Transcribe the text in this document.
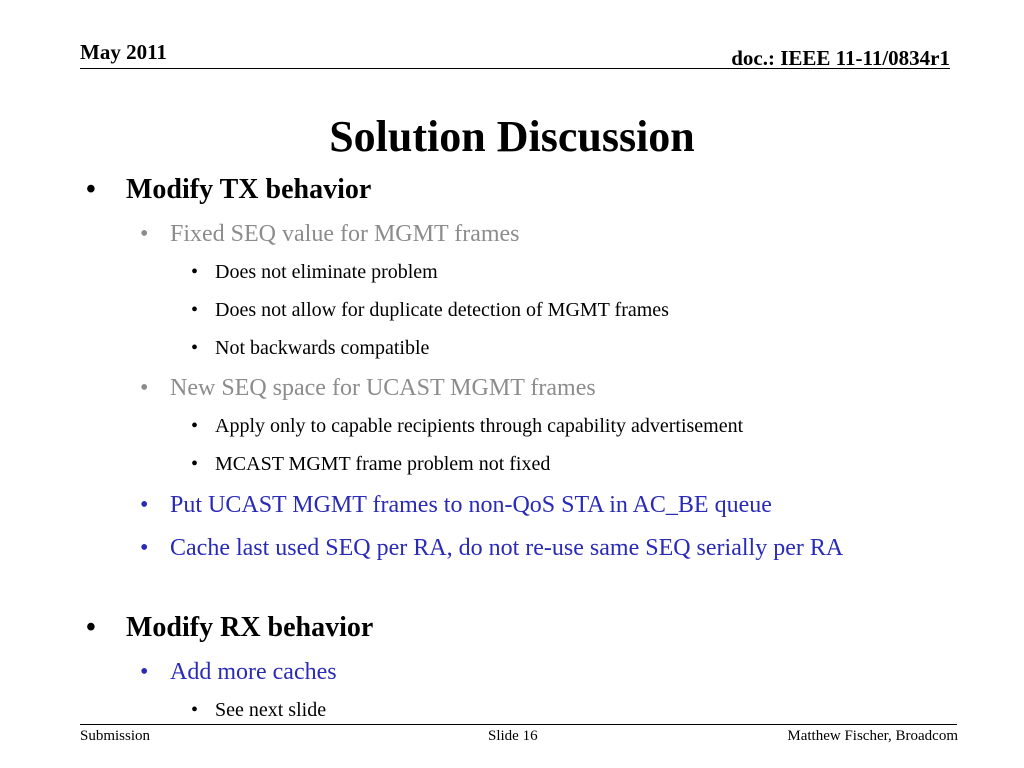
May 2011	doc.: IEEE 11-11/0834r1
Solution Discussion
•	Modify TX behavior
• Fixed SEQ value for MGMT frames
• Does not eliminate problem
• Does not allow for duplicate detection of MGMT frames
• Not backwards compatible
• New SEQ space for UCAST MGMT frames
• Apply only to capable recipients through capability advertisement
• MCAST MGMT frame problem not fixed
• Put UCAST MGMT frames to non-QoS STA in AC_BE queue
• Cache last used SEQ per RA, do not re-use same SEQ serially per RA
•	Modify RX behavior
• Add more caches
• See next slide
Submission	Slide 16	Matthew Fischer, Broadcom
